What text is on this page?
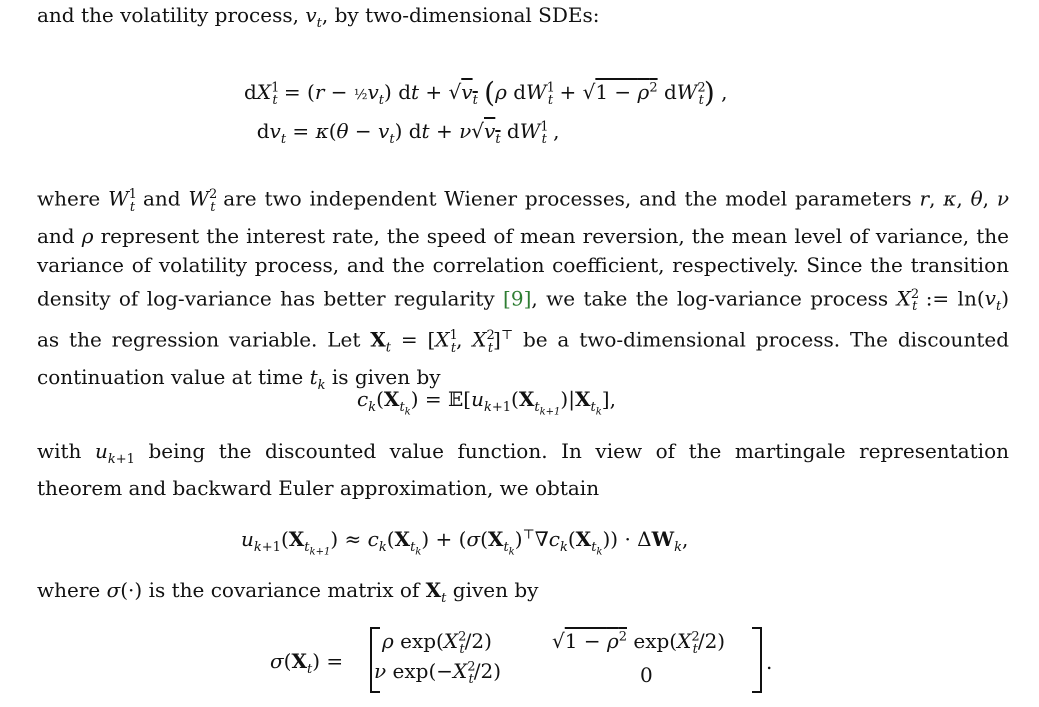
and the volatility process, $v_t$, by two-dimensional SDEs:
$dX^1_t = (r$ − $\frac{1}{2}v_t$) dt + $√v_t$ (ρ $dW^1_t + √1 - \rho^2$ $dW^2_t$) ,
$dv_t = \kappa(\theta - v_t)$ dt + $\nu√v_t$ $dW^1_t$ ,
where $W^1_t$ and $W^2_t$ are two independent Wiener processes, and the model parameters r, κ, θ, ν and ρ represent the interest rate, the speed of mean reversion, the mean level of variance, the variance of volatility process, and the correlation coefficient, respectively. Since the transition density of log-variance has better regularity [9], we take the log-variance process $X^2_t$ := $\ln(v_t)$ as the regression variable. Let $X_t = [X^1_t$, $X^2_t]^⊤$ be a two-dimensional process. The discounted continuation value at time $t_k$ is given by
$c_k(X_{t_k})$ = $𝔼[u_{k+1}(X_{t_{k+1}})|X_{t_k}]$,
with $u_{k+1}$ being the discounted value function. In view of the martingale representation theorem and backward Euler approximation, we obtain
$u_{k+1}(X_{t_{k+1}}) \approx c_k(X_{t_k}) + (\sigma(X_{t_k})^⊤\nabla c_k(X_{t_k})) \cdot \Delta W_k$,
where σ(·) is the covariance matrix of $X_t$ given by
$\sigma(X_t)$ =
ρ $\exp(X^2_t/2)$	$√1 - \rho^2$ $\exp(X^2_t/2)$
ν $\exp(-X^2_t/2)$	0
.
